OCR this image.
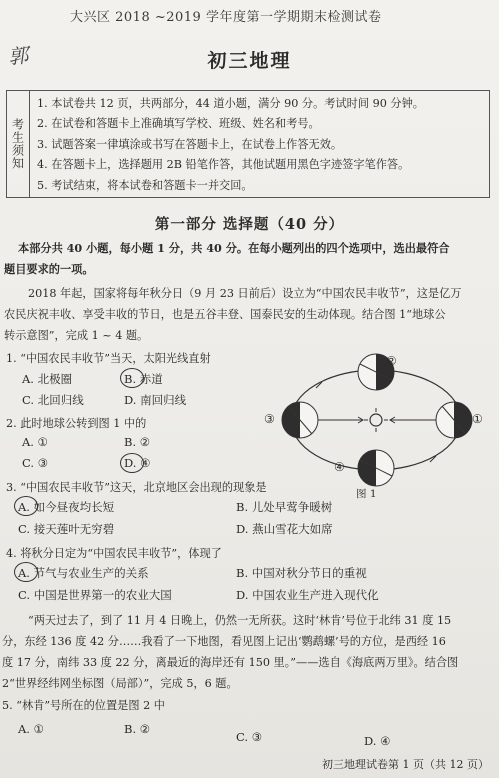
大兴区 2018 ~2019 学年度第一学期期末检测试卷
郭	初三地理
考生须知
1. 本试卷共 12 页，共两部分，44 道小题，满分 90 分。考试时间 90 分钟。
2. 在试卷和答题卡上准确填写学校、班级、姓名和考号。
3. 试题答案一律填涂或书写在答题卡上，在试卷上作答无效。
4. 在答题卡上，选择题用 2B 铅笔作答，其他试题用黑色字迹签字笔作答。
5. 考试结束，将本试卷和答题卡一并交回。
第一部分 选择题（40 分）
本部分共 40 小题，每小题 1 分，共 40 分。在每小题列出的四个选项中，选出最符合
题目要求的一项。
2018 年起，国家将每年秋分日（9 月 23 日前后）设立为“中国农民丰收节”，这是亿万
农民庆祝丰收、享受丰收的节日，也是五谷丰登、国泰民安的生动体现。结合图 1“地球公
转示意图”，完成 1 ~ 4 题。
1. “中国农民丰收节”当天，太阳光线直射
A. 北极圈	B. 赤道
C. 北回归线	D. 南回归线
2. 此时地球公转到图 1 中的
A. ①	B. ②
C. ③	D. ④
②
③	①
④
图 1
3. “中国农民丰收节”这天，北京地区会出现的现象是
A. 如今昼夜均长短	B. 儿处早莺争暖树
C. 接天莲叶无穷碧	D. 燕山雪花大如席
4. 将秋分日定为“中国农民丰收节”，体现了
A. 节气与农业生产的关系	B. 中国对秋分节日的重视
C. 中国是世界第一的农业大国	D. 中国农业生产进入现代化
“两天过去了，到了 11 月 4 日晚上，仍然一无所获。这时‘林肯’号位于北纬 31 度 15
分，东经 136 度 42 分……我看了一下地图，看见图上记出‘鹦鹉螺’号的方位，是西经 16
度 17 分，南纬 33 度 22 分，离最近的海岸还有 150 里。”——选自《海底两万里》。结合图
2“世界经纬网坐标图（局部）”，完成 5，6 题。
5. “林肯”号所在的位置是图 2 中
A. ①	B. ②
C. ③	D. ④
初三地理试卷第 1 页（共 12 页）
